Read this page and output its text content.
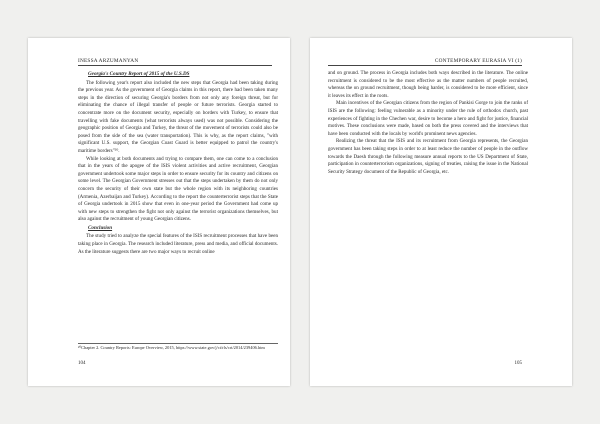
INESSA ARZUMANYAN
Georgia's Country Report of 2015 of the U.S.DS

The following year's report also included the new steps that Georgia had been taking during the previous year. As the government of Georgia claims in this report, there had been taken many steps in the direction of securing Georgia's borders from not only any foreign threat, but for eliminating the chance of illegal transfer of people or future terrorists. Georgia started to concentrate more on the document security, especially on borders with Turkey, to ensure that travelling with fake documents (what terrorists always used) was not possible. Considering the geographic position of Georgia and Turkey, the threat of the movement of terrorists could also be posed from the side of the sea (water transportation). This is why, as the report claims, "with significant U.S. support, the Georgian Coast Guard is better equipped to patrol the country's maritime borders"²⁰.

While looking at both documents and trying to compare them, one can come to a conclusion that in the years of the apogee of the ISIS violent activities and active recruitment, Georgian government undertook some major steps in order to ensure security for its country and citizens on some level. The Georgian Government stresses out that the steps undertaken by them do not only concern the security of their own state but the whole region with its neighboring countries (Armenia, Azerbaijan and Turkey). According to the report the counterterrorist steps that the State of Georgia undertook in 2015 show that even in one-year period the Government had come up with new steps to strengthen the fight not only against the terrorist organizations themselves, but also against the recruitment of young Georgian citizens.

Conclusion

The study tried to analyze the special features of the ISIS recruitment processes that have been taking place in Georgia. The research included literature, press and media, and official documents. As the literature suggests there are two major ways to recruit online

²⁰Chapter 2. Country Reports: Europe Overview, 2015, https://www.state.gov/j/ct/rls/crt/2014/239406.htm
104
CONTEMPORARY EURASIA VI (1)

and on ground. The process in Georgia includes both ways described in the literature. The online recruitment is considered to be the most effective as the matter numbers of people recruited, whereas the on ground recruitment, though being harder, is considered to be more efficient, since it leaves its effect in the roots.

Main incentives of the Georgian citizens from the region of Pankisi Gorge to join the ranks of ISIS are the following: feeling vulnerable as a minority under the rule of orthodox church, past experiences of fighting in the Chechen war, desire to become a hero and fight for justice, financial motives. These conclusions were made, based on both the press covered and the interviews that have been conducted with the locals by world's prominent news agencies.

Realizing the threat that the ISIS and its recruitment from Georgia represents, the Georgian government has been taking steps in order to at least reduce the number of people in the outflow towards the Daesh through the following measure annual reports to the US Department of State, participation in counterterrorism organizations, signing of treaties, raising the issue in the National Security Strategy document of the Republic of Georgia, etc.

105
